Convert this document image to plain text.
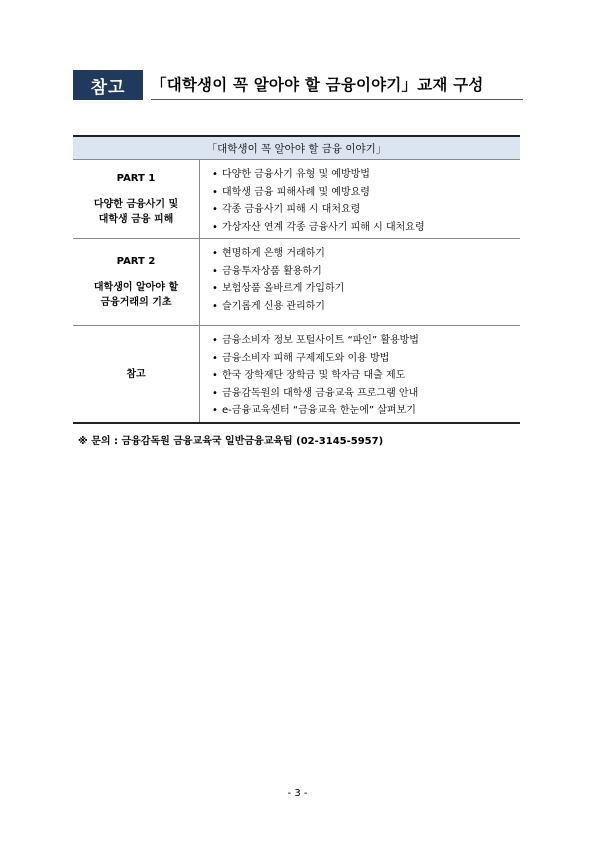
참고	「대학생이 꼭 알아야 할 금융이야기」교재 구성
「대학생이 꼭 알아야 할 금융 이야기」
PART 1
다양한 금융사기 및
대학생 금융 피해
• 다양한 금융사기 유형 및 예방방법
• 대학생 금융 피해사례 및 예방요령
• 각종 금융사기 피해 시 대처요령
• 가상자산 연계 각종 금융사기 피해 시 대처요령
PART 2
대학생이 알아야 할
금융거래의 기초
• 현명하게 은행 거래하기
• 금융투자상품 활용하기
• 보험상품 올바르게 가입하기
• 슬기롭게 신용 관리하기
참고
• 금융소비자 정보 포털사이트 “파인” 활용방법
• 금융소비자 피해 구제제도와 이용 방법
• 한국 장학재단 장학금 및 학자금 대출 제도
• 금융감독원의 대학생 금융교육 프로그램 안내
• e-금융교육센터 “금융교육 한눈에” 살펴보기
※ 문의 : 금융감독원 금융교육국 일반금융교육팀 (02-3145-5957)
- 3 -
